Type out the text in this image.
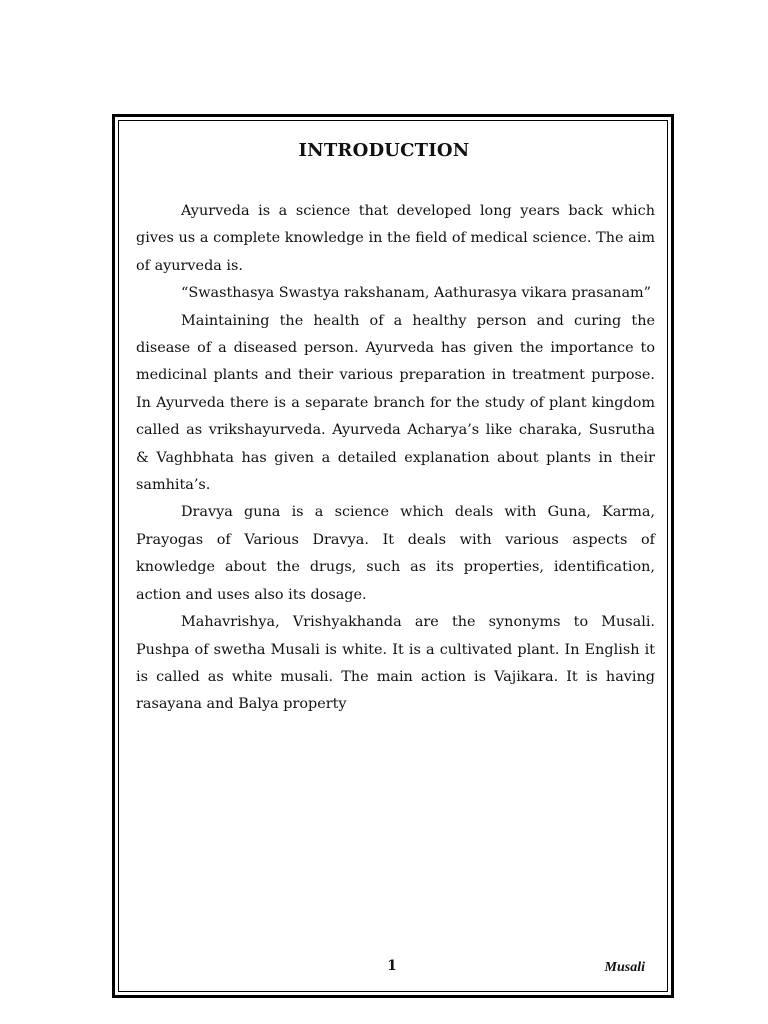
INTRODUCTION

Ayurveda is a science that developed long years back which gives us a complete knowledge in the field of medical science. The aim of ayurveda is.

“Swasthasya Swastya rakshanam, Aathurasya vikara prasanam”

Maintaining the health of a healthy person and curing the disease of a diseased person. Ayurveda has given the importance to medicinal plants and their various preparation in treatment purpose. In Ayurveda there is a separate branch for the study of plant kingdom called as vrikshayurveda. Ayurveda Acharya’s like charaka, Susrutha & Vaghbhata has given a detailed explanation about plants in their samhita’s.

Dravya guna is a science which deals with Guna, Karma, Prayogas of Various Dravya. It deals with various aspects of knowledge about the drugs, such as its properties, identification, action and uses also its dosage.

Mahavrishya, Vrishyakhanda are the synonyms to Musali. Pushpa of swetha Musali is white. It is a cultivated plant. In English it is called as white musali. The main action is Vajikara. It is having rasayana and Balya property

1	Musali
